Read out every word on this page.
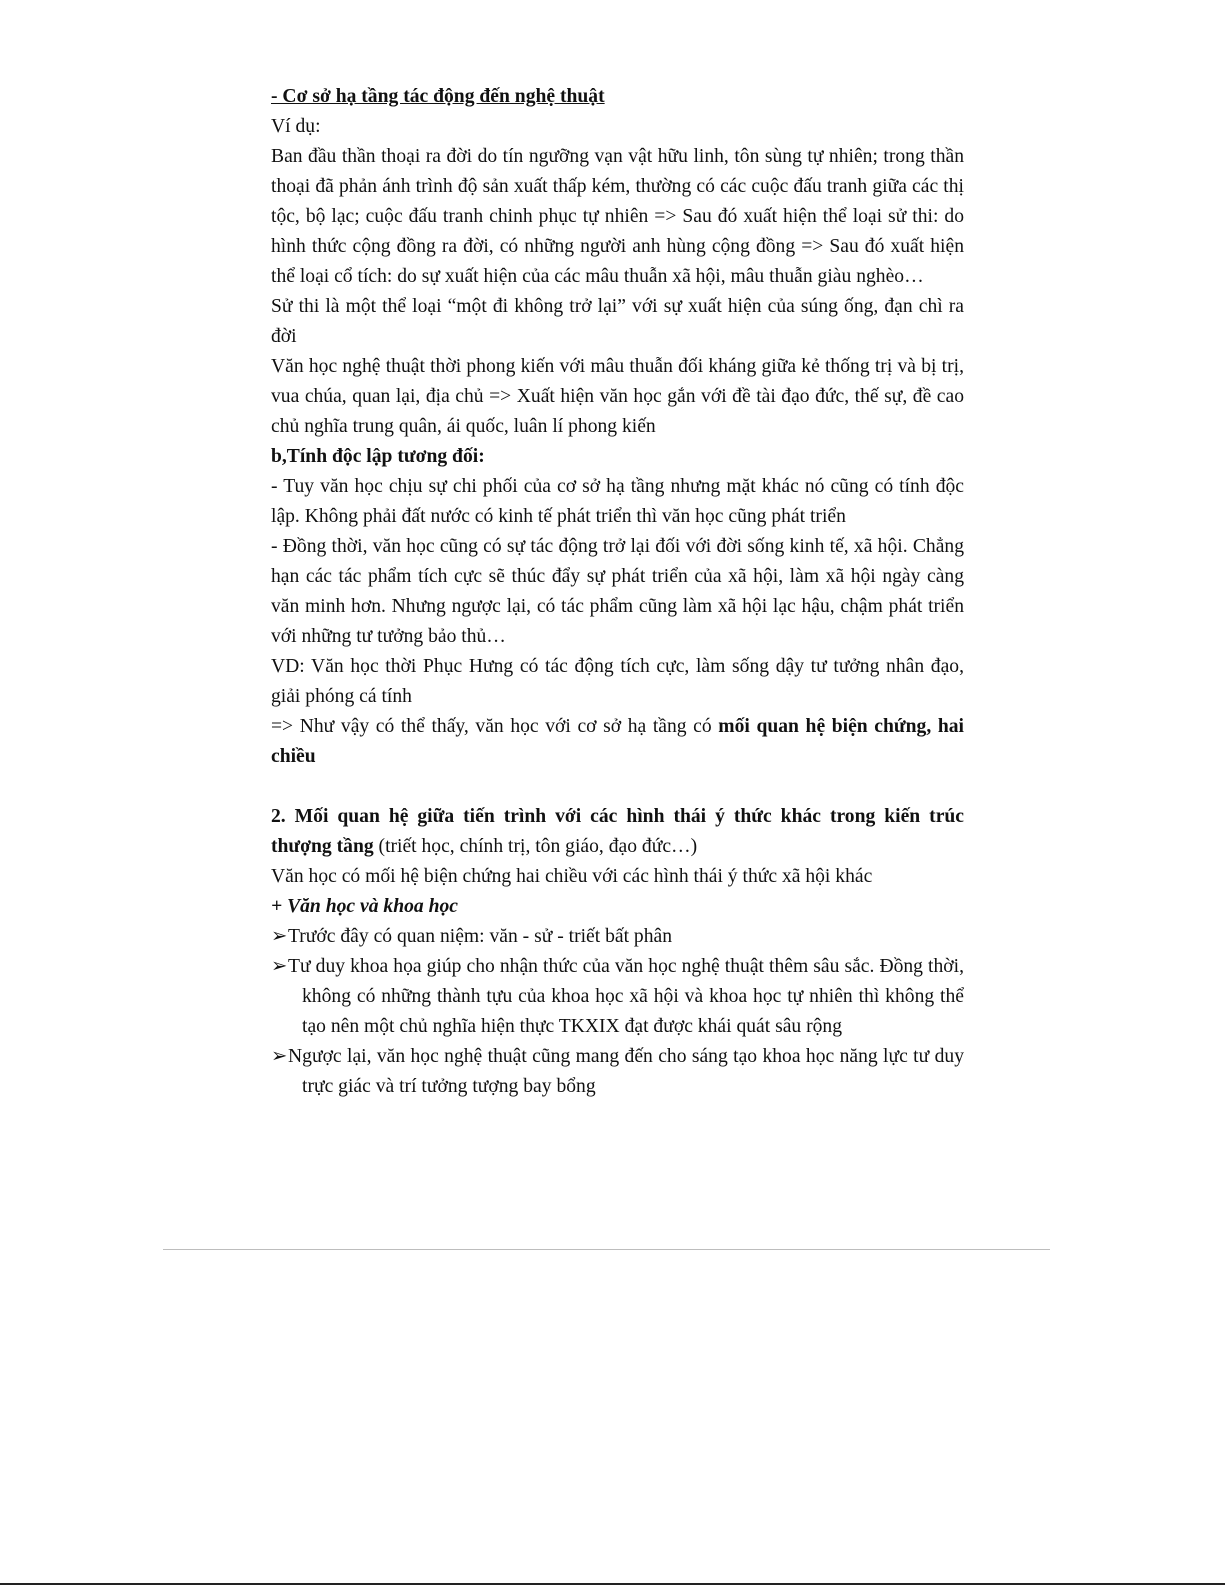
- Cơ sở hạ tầng tác động đến nghệ thuật

Ví dụ:

Ban đầu thần thoại ra đời do tín ngưỡng vạn vật hữu linh, tôn sùng tự nhiên; trong thần thoại đã phản ánh trình độ sản xuất thấp kém, thường có các cuộc đấu tranh giữa các thị tộc, bộ lạc; cuộc đấu tranh chinh phục tự nhiên => Sau đó xuất hiện thể loại sử thi: do hình thức cộng đồng ra đời, có những người anh hùng cộng đồng => Sau đó xuất hiện thể loại cổ tích: do sự xuất hiện của các mâu thuẫn xã hội, mâu thuẫn giàu nghèo…

Sử thi là một thể loại “một đi không trở lại” với sự xuất hiện của súng ống, đạn chì ra đời

Văn học nghệ thuật thời phong kiến với mâu thuẫn đối kháng giữa kẻ thống trị và bị trị, vua chúa, quan lại, địa chủ => Xuất hiện văn học gắn với đề tài đạo đức, thế sự, đề cao chủ nghĩa trung quân, ái quốc, luân lí phong kiến

b,Tính độc lập tương đối:

- Tuy văn học chịu sự chi phối của cơ sở hạ tầng nhưng mặt khác nó cũng có tính độc lập. Không phải đất nước có kinh tế phát triển thì văn học cũng phát triển

- Đồng thời, văn học cũng có sự tác động trở lại đối với đời sống kinh tế, xã hội. Chẳng hạn các tác phẩm tích cực sẽ thúc đẩy sự phát triển của xã hội, làm xã hội ngày càng văn minh hơn. Nhưng ngược lại, có tác phẩm cũng làm xã hội lạc hậu, chậm phát triển với những tư tưởng bảo thủ…

VD: Văn học thời Phục Hưng có tác động tích cực, làm sống dậy tư tưởng nhân đạo, giải phóng cá tính

=> Như vậy có thể thấy, văn học với cơ sở hạ tầng có mối quan hệ biện chứng, hai chiều

2. Mối quan hệ giữa tiến trình với các hình thái ý thức khác trong kiến trúc thượng tầng (triết học, chính trị, tôn giáo, đạo đức…)

Văn học có mối hệ biện chứng hai chiều với các hình thái ý thức xã hội khác

+ Văn học và khoa học

➢ Trước đây có quan niệm: văn - sử - triết bất phân
➢ Tư duy khoa họa giúp cho nhận thức của văn học nghệ thuật thêm sâu sắc. Đồng thời, không có những thành tựu của khoa học xã hội và khoa học tự nhiên thì không thể tạo nên một chủ nghĩa hiện thực TKXIX đạt được khái quát sâu rộng
➢ Ngược lại, văn học nghệ thuật cũng mang đến cho sáng tạo khoa học năng lực tư duy trực giác và trí tưởng tượng bay bổng
